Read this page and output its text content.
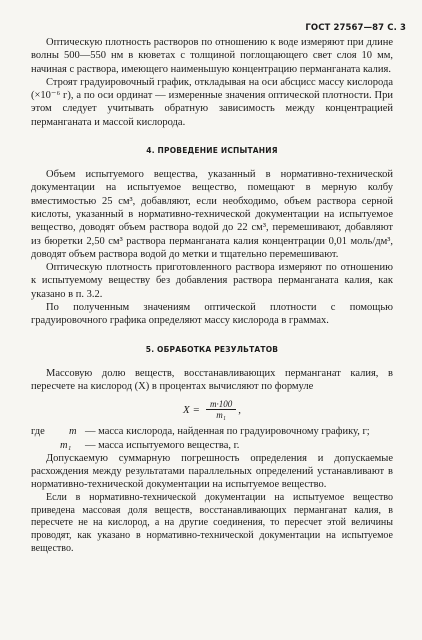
ГОСТ 27567—87 С. 3

Оптическую плотность растворов по отношению к воде измеряют при длине волны 500—550 нм в кюветах с толщиной поглощающего свет слоя 10 мм, начиная с раствора, имеющего наименьшую концентрацию перманганата калия.

Строят градуировочный график, откладывая на оси абсцисс массу кислорода (×10⁻⁶ г), а по оси ординат — измеренные значения оптической плотности. При этом следует учитывать обратную зависимость между концентрацией перманганата и массой кислорода.

4. ПРОВЕДЕНИЕ ИСПЫТАНИЯ

Объем испытуемого вещества, указанный в нормативно-технической документации на испытуемое вещество, помещают в мерную колбу вместимостью 25 см³, добавляют, если необходимо, объем раствора серной кислоты, указанный в нормативно-технической документации на испытуемое вещество, доводят объем раствора водой до 22 см³, перемешивают, добавляют из бюретки 2,50 см³ раствора перманганата калия концентрации 0,01 моль/дм³, доводят объем раствора водой до метки и тщательно перемешивают.

Оптическую плотность приготовленного раствора измеряют по отношению к испытуемому веществу без добавления раствора перманганата калия, как указано в п. 3.2.

По полученным значениям оптической плотности с помощью градуировочного графика определяют массу кислорода в граммах.

5. ОБРАБОТКА РЕЗУЛЬТАТОВ

Массовую долю веществ, восстанавливающих перманганат калия, в пересчете на кислород (X) в процентах вычисляют по формуле

$X = \frac{m\cdot 100}{\text{m₁}}$ ,
где	m — масса кислорода, найденная по градуировочному графику, г;
m₁	— масса испытуемого вещества, г.

Допускаемую суммарную погрешность определения и допускаемые расхождения между результатами параллельных определений устанавливают в нормативно-технической документации на испытуемое вещество.

Если в нормативно-технической документации на испытуемое вещество приведена массовая доля веществ, восстанавливающих перманганат калия, в пересчете не на кислород, а на другие соединения, то пересчет этой величины проводят, как указано в нормативно-технической документации на испытуемое вещество.
